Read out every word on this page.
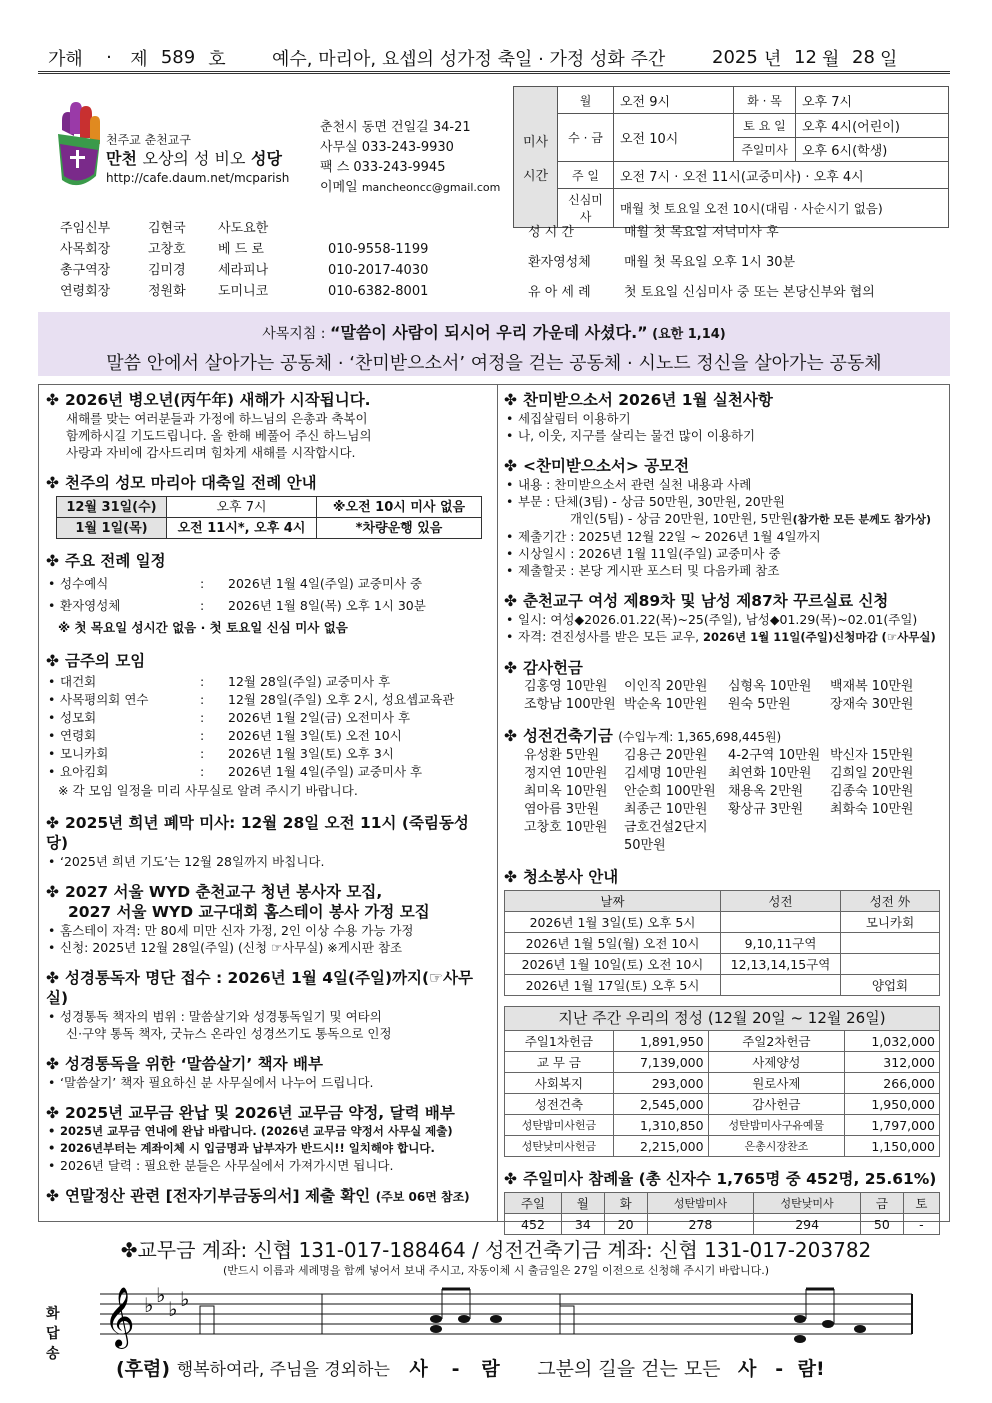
가해	·	제 589 호	예수, 마리아, 요셉의 성가정 축일 · 가정 성화 주간	2025 년 12 월 28 일
천주교 춘천교구
만천 오상의 성 비오 성당
http://cafe.daum.net/mcparish
춘천시 동면 건일길 34-21
사무실 033-243-9930
팩 스 033-243-9945
이메일 mancheoncc@gmail.com
미사

시간	월	오전 9시	화 · 목	오후 7시
	수 · 금	오전 10시	토 요 일	오후 4시(어린이)
			주일미사	오후 6시(학생)
	주 일	오전 7시 · 오전 11시(교중미사) · 오후 4시		
	신심미사	매월 첫 토요일 오전 10시(대림 · 사순시기 없음)		
주임신부	김현국	사도요한
사목회장	고창호	베 드 로	010-9558-1199
총구역장	김미경	세라피나	010-2017-4030
연령회장	정원화	도미니코	010-6382-8001
성 시 간	매월 첫 목요일 저녁미사 후
환자영성체	매월 첫 목요일 오후 1시 30분
유 아 세 례	첫 토요일 신심미사 중 또는 본당신부와 협의
사목지침 : “말씀이 사람이 되시어 우리 가운데 사셨다.” (요한 1,14)
말씀 안에서 살아가는 공동체 · ‘찬미받으소서’ 여정을 걷는 공동체 · 시노드 정신을 살아가는 공동체
✤ 2026년 병오년(丙午年) 새해가 시작됩니다.
새해를 맞는 여러분들과 가정에 하느님의 은총과 축복이
함께하시길 기도드립니다. 올 한해 베풀어 주신 하느님의
사랑과 자비에 감사드리며 힘차게 새해를 시작합시다.
✤ 천주의 성모 마리아 대축일 전례 안내
12월 31일(수)	오후 7시	※오전 10시 미사 없음
1월 1일(목)	오전 11시*, 오후 4시	*차량운행 있음
✤ 주요 전례 일정
• 성수예식	:	2026년 1월 4일(주일) 교중미사 중
• 환자영성체	:	2026년 1월 8일(목) 오후 1시 30분
※ 첫 목요일 성시간 없음 · 첫 토요일 신심 미사 없음
✤ 금주의 모임
• 대건회	:	12월 28일(주일) 교중미사 후
• 사목평의회 연수	:	12월 28일(주일) 오후 2시, 성요셉교육관
• 성모회	:	2026년 1월 2일(금) 오전미사 후
• 연령회	:	2026년 1월 3일(토) 오전 10시
• 모니카회	:	2026년 1월 3일(토) 오후 3시
• 요아킴회	:	2026년 1월 4일(주일) 교중미사 후
※ 각 모임 일정을 미리 사무실로 알려 주시기 바랍니다.
✤ 2025년 희년 폐막 미사: 12월 28일 오전 11시 (죽림동성당)
• ‘2025년 희년 기도’는 12월 28일까지 바칩니다.
✤ 2027 서울 WYD 춘천교구 청년 봉사자 모집,
2027 서울 WYD 교구대회 홈스테이 봉사 가정 모집
• 홈스테이 자격: 만 80세 미만 신자 가정, 2인 이상 수용 가능 가정
• 신청: 2025년 12월 28일(주일) (신청 ☞사무실) ※게시판 참조
✤ 성경통독자 명단 접수 : 2026년 1월 4일(주일)까지(☞사무실)
• 성경통독 책자의 범위 : 말씀살기와 성경통독일기 및 여타의
신·구약 통독 책자, 굿뉴스 온라인 성경쓰기도 통독으로 인정
✤ 성경통독을 위한 ‘말씀살기’ 책자 배부
• ‘말씀살기’ 책자 필요하신 분 사무실에서 나누어 드립니다.
✤ 2025년 교무금 완납 및 2026년 교무금 약정, 달력 배부
• 2025년 교무금 연내에 완납 바랍니다. (2026년 교무금 약정서 사무실 제출)
• 2026년부터는 계좌이체 시 입금명과 납부자가 반드시!! 일치해야 합니다.
• 2026년 달력 : 필요한 분들은 사무실에서 가져가시면 됩니다.
✤ 연말정산 관련 [전자기부금동의서] 제출 확인 (주보 06면 참조)
✤ 찬미받으소서 2026년 1월 실천사항
• 세집살림터 이용하기
• 나, 이웃, 지구를 살리는 물건 많이 이용하기
✤ <찬미받으소서> 공모전
• 내용 : 찬미받으소서 관련 실천 내용과 사례
• 부문 : 단체(3팀) - 상금 50만원, 30만원, 20만원
개인(5팀) - 상금 20만원, 10만원, 5만원(참가한 모든 분께도 참가상)
• 제출기간 : 2025년 12월 22일 ~ 2026년 1월 4일까지
• 시상일시 : 2026년 1월 11일(주일) 교중미사 중
• 제출할곳 : 본당 게시판 포스터 및 다음카페 참조
✤ 춘천교구 여성 제89차 및 남성 제87차 꾸르실료 신청
• 일시: 여성◆2026.01.22(목)~25(주일), 남성◆01.29(목)~02.01(주일)
• 자격: 견진성사를 받은 모든 교우, 2026년 1월 11일(주일)신청마감 (☞사무실)
✤ 감사헌금
김홍영 10만원	이인직 20만원	심형옥 10만원	백재복 10만원
조항남 100만원 박순옥 10만원	원숙 5만원	장재숙 30만원
✤ 성전건축기금 (수입누계: 1,365,698,445원)
유성환 5만원	김용근 20만원	4-2구역 10만원 박신자 15만원
정지연 10만원	김세명 10만원	최연화 10만원	김희일 20만원
최미옥 10만원	안순희 100만원 채용옥 2만원	김종숙 10만원
염아름 3만원	최종근 10만원	황상규 3만원	최화숙 10만원
고창호 10만원	금호건설2단지 50만원
✤ 청소봉사 안내
날짜	성전	성전 外
2026년 1월 3일(토) 오후 5시		모니카회
2026년 1월 5일(월) 오전 10시	9,10,11구역	
2026년 1월 10일(토) 오전 10시	12,13,14,15구역	
2026년 1월 17일(토) 오후 5시		양업회
지난 주간 우리의 정성 (12월 20일 ~ 12월 26일)			
주일1차헌금	1,891,950	주일2차헌금	1,032,000
교 무 금	7,139,000	사제양성	312,000
사회복지	293,000	원로사제	266,000
성전건축	2,545,000	감사헌금	1,950,000
성탄밤미사헌금	1,310,850	성탄밤미사구유예물	1,797,000
성탄낮미사헌금	2,215,000	은총시장찬조	1,150,000
✤ 주일미사 참례율 (총 신자수 1,765명 중 452명, 25.61%)
주일	월	화	성탄밤미사	성탄낮미사	금	토
452	34	20	278	294	50	-
✤교무금 계좌: 신협 131-017-188464 / 성전건축기금 계좌: 신협 131-017-203782
(반드시 이름과 세례명을 함께 넣어서 보내 주시고, 자동이체 시 출금일은 27일 이전으로 신청해 주시기 바랍니다.)
화
답
송
𝄞 ♭ ♭
♭ ♭
(후렴) 행복하여라, 주님을 경외하는 사 - 람 그분의 길을 걷는 모든 사 - 람!
